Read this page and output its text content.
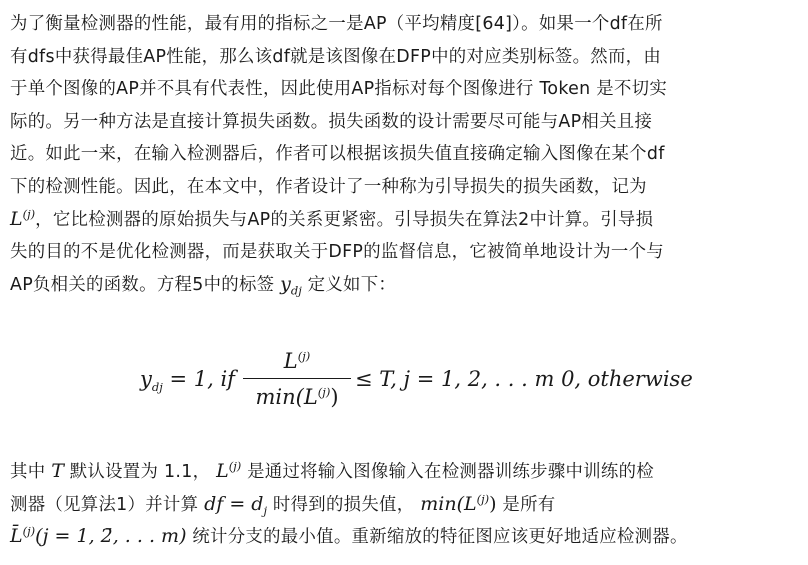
为了衡量检测器的性能，最有用的指标之一是AP（平均精度[64]）。如果一个df在所
有dfs中获得最佳AP性能，那么该df就是该图像在DFP中的对应类别标签。然而，由
于单个图像的AP并不具有代表性，因此使用AP指标对每个图像进行 Token 是不切实
际的。另一种方法是直接计算损失函数。损失函数的设计需要尽可能与AP相关且接
近。如此一来，在输入检测器后，作者可以根据该损失值直接确定输入图像在某个df
下的检测性能。因此，在本文中，作者设计了一种称为引导损失的损失函数，记为
$L^{(j)}$，它比检测器的原始损失与AP的关系更紧密。引导损失在算法2中计算。引导损
失的目的不是优化检测器，而是获取关于DFP的监督信息，它被简单地设计为一个与
AP负相关的函数。方程5中的标签 $y_{dj}$ 定义如下：
$y_{dj} = 1$, if
$L^{(j)}$
$\min(L^{(j)})$
≤ T, j = 1, 2, . . . m 0, otherwise
其中 T 默认设置为 1.1， $L^{(j)}$ 是通过将输入图像输入在检测器训练步骤中训练的检
测器（见算法1）并计算 df = $d_j$ 时得到的损失值， $\min(L^{(j)})$ 是所有
L̄$^{(j)}$(j = 1, 2̄, . . . m) 统计分支的最小值。重新缩放的特征图应该更好地适应检测器。
